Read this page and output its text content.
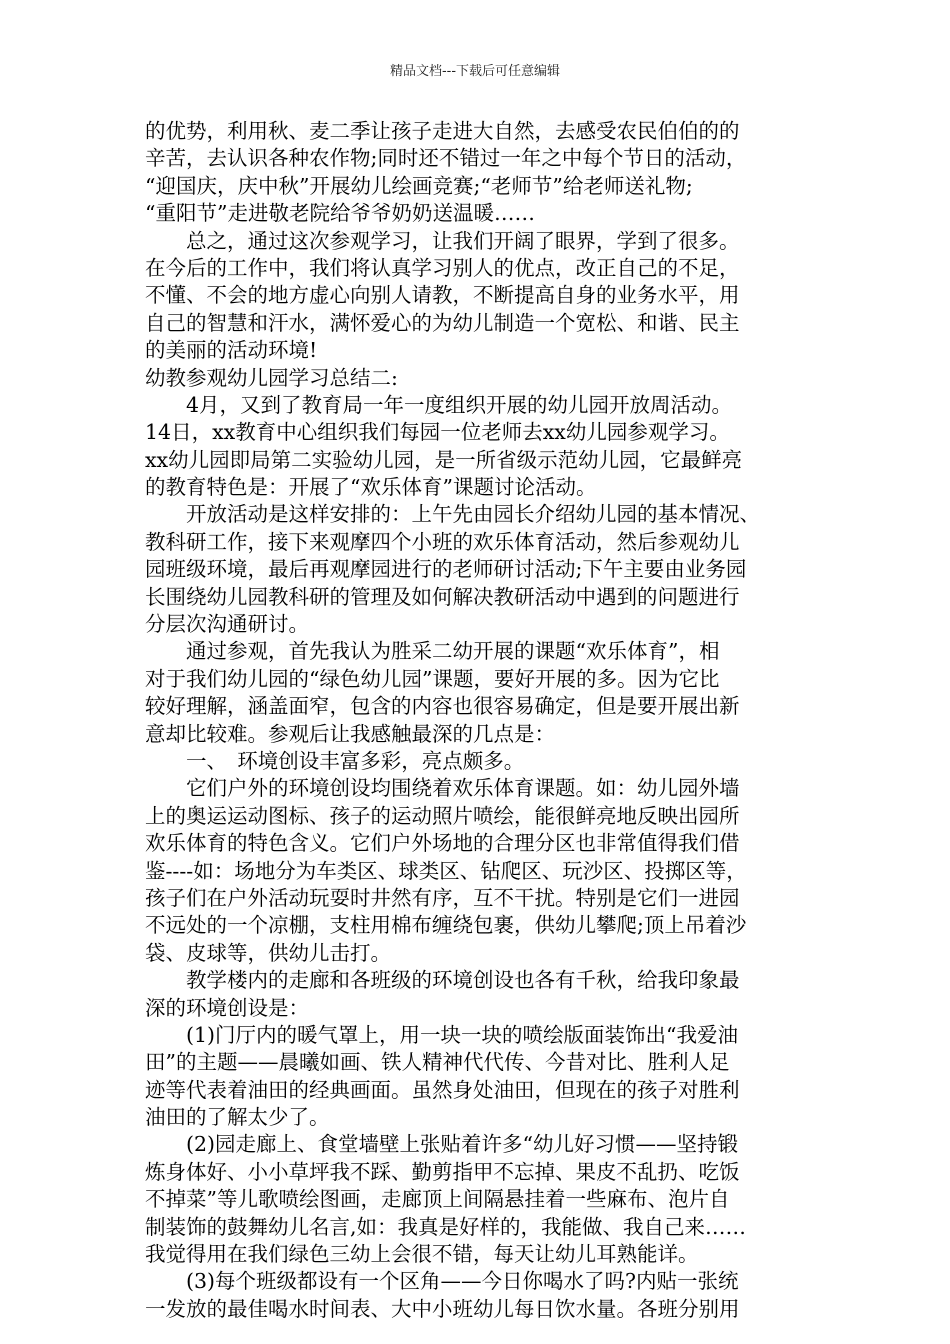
精品文档---下载后可任意编辑
的优势，利用秋、麦二季让孩子走进大自然，去感受农民伯伯的的
辛苦，去认识各种农作物;同时还不错过一年之中每个节日的活动，
“迎国庆，庆中秋”开展幼儿绘画竞赛;“老师节”给老师送礼物;
“重阳节”走进敬老院给爷爷奶奶送温暖……
　　总之，通过这次参观学习，让我们开阔了眼界，学到了很多。
在今后的工作中，我们将认真学习别人的优点，改正自己的不足，
不懂、不会的地方虚心向别人请教，不断提高自身的业务水平，用
自己的智慧和汗水，满怀爱心的为幼儿制造一个宽松、和谐、民主
的美丽的活动环境!
幼教参观幼儿园学习总结二:
　　4月，又到了教育局一年一度组织开展的幼儿园开放周活动。
14日，xx教育中心组织我们每园一位老师去xx幼儿园参观学习。
xx幼儿园即局第二实验幼儿园，是一所省级示范幼儿园，它最鲜亮
的教育特色是：开展了“欢乐体育”课题讨论活动。
　　开放活动是这样安排的：上午先由园长介绍幼儿园的基本情况、
教科研工作，接下来观摩四个小班的欢乐体育活动，然后参观幼儿
园班级环境，最后再观摩园进行的老师研讨活动;下午主要由业务园
长围绕幼儿园教科研的管理及如何解决教研活动中遇到的问题进行
分层次沟通研讨。
　　通过参观，首先我认为胜采二幼开展的课题“欢乐体育”，相
对于我们幼儿园的“绿色幼儿园”课题，要好开展的多。因为它比
较好理解，涵盖面窄，包含的内容也很容易确定，但是要开展出新
意却比较难。参观后让我感触最深的几点是：
　　一、　环境创设丰富多彩，亮点颇多。
　　它们户外的环境创设均围绕着欢乐体育课题。如：幼儿园外墙
上的奥运运动图标、孩子的运动照片喷绘，能很鲜亮地反映出园所
欢乐体育的特色含义。它们户外场地的合理分区也非常值得我们借
鉴----如：场地分为车类区、球类区、钻爬区、玩沙区、投掷区等，
孩子们在户外活动玩耍时井然有序，互不干扰。特别是它们一进园
不远处的一个凉棚，支柱用棉布缠绕包裹，供幼儿攀爬;顶上吊着沙
袋、皮球等，供幼儿击打。
　　教学楼内的走廊和各班级的环境创设也各有千秋，给我印象最
深的环境创设是：
　　(1)门厅内的暖气罩上，用一块一块的喷绘版面装饰出“我爱油
田”的主题——晨曦如画、铁人精神代代传、今昔对比、胜利人足
迹等代表着油田的经典画面。虽然身处油田，但现在的孩子对胜利
油田的了解太少了。
　　(2)园走廊上、食堂墙壁上张贴着许多“幼儿好习惯——坚持锻
炼身体好、小小草坪我不踩、勤剪指甲不忘掉、果皮不乱扔、吃饭
不掉菜”等儿歌喷绘图画，走廊顶上间隔悬挂着一些麻布、泡片自
制装饰的鼓舞幼儿名言,如：我真是好样的，我能做、我自己来……
我觉得用在我们绿色三幼上会很不错，每天让幼儿耳熟能详。
　　(3)每个班级都设有一个区角——今日你喝水了吗?内贴一张统
一发放的最佳喝水时间表、大中小班幼儿每日饮水量。各班分别用
